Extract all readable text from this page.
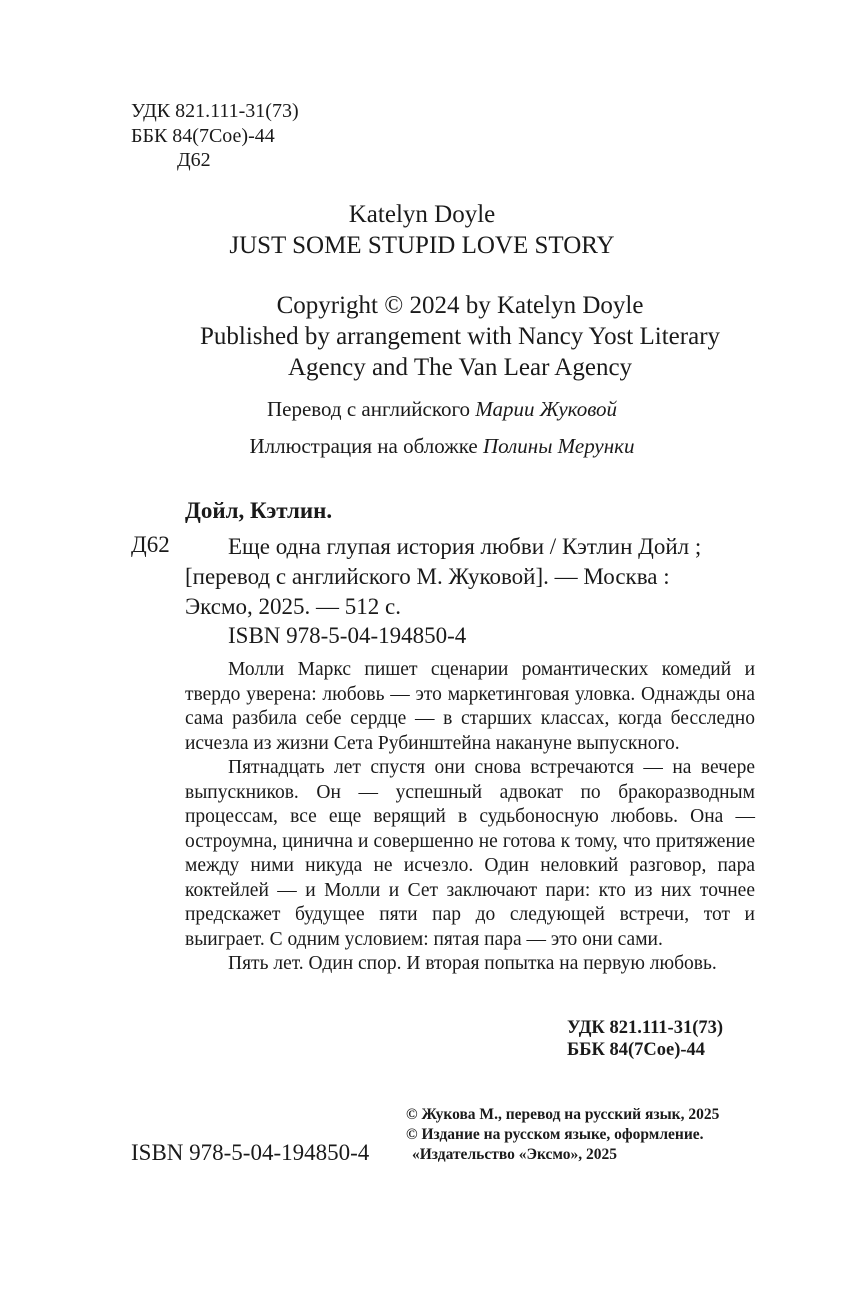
УДК 821.111-31(73)
ББК 84(7Сое)-44
Д62
Katelyn Doyle
JUST SOME STUPID LOVE STORY
Copyright © 2024 by Katelyn Doyle
Published by arrangement with Nancy Yost Literary
Agency and The Van Lear Agency
Перевод с английского Марии Жуковой
Иллюстрация на обложке Полины Мерунки
Дойл, Кэтлин.
Д62	Еще одна глупая история любви / Кэтлин Дойл ;
[перевод с английского М. Жуковой]. — Москва :
Эксмо, 2025. — 512 с.
ISBN 978-5-04-194850-4

Молли Маркс пишет сценарии романтических комедий и твердо уверена: любовь — это маркетинговая уловка. Однажды она сама разбила себе сердце — в старших классах, когда бесследно исчезла из жизни Сета Рубинштейна накануне выпускного.

Пятнадцать лет спустя они снова встречаются — на вечере выпускников. Он — успешный адвокат по бракоразводным процессам, все еще верящий в судьбоносную любовь. Она — остроумна, цинична и совершенно не готова к тому, что притяжение между ними никуда не исчезло. Один неловкий разговор, пара коктейлей — и Молли и Сет заключают пари: кто из них точнее предскажет будущее пяти пар до следующей встречи, тот и выиграет. С одним условием: пятая пара — это они сами.

Пять лет. Один спор. И вторая попытка на первую любовь.

УДК 821.111-31(73)
ББК 84(7Сое)-44
ISBN 978-5-04-194850-4
© Жукова М., перевод на русский язык, 2025
© Издание на русском языке, оформление.
«Издательство «Эксмо», 2025
